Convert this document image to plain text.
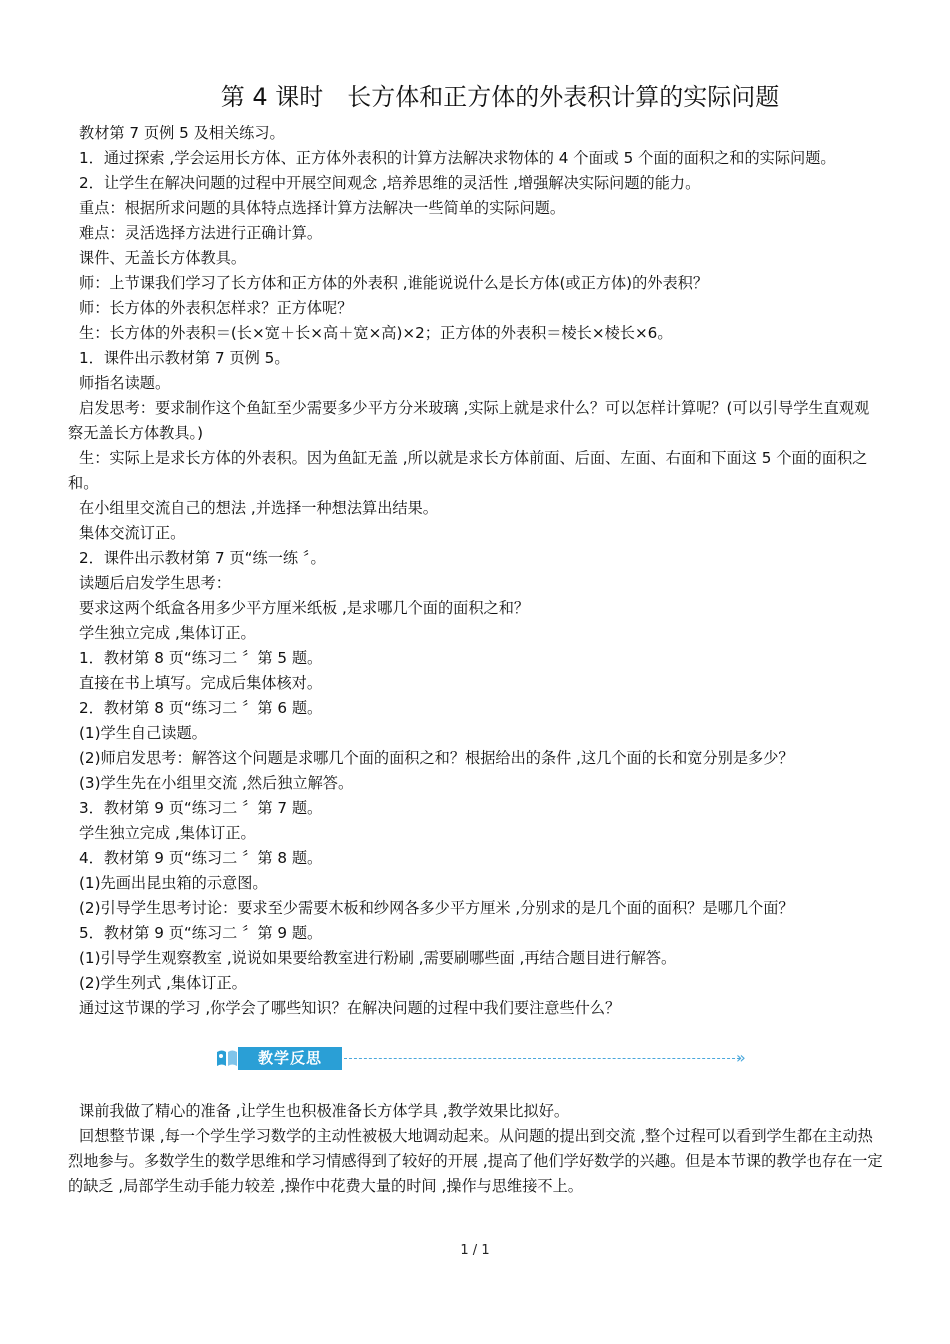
第 4 课时　长方体和正方体的外表积计算的实际问题

教材第 7 页例 5 及相关练习。

1．通过探索 ,学会运用长方体、正方体外表积的计算方法解决求物体的 4 个面或 5 个面的面积之和的实际问题。

2．让学生在解决问题的过程中开展空间观念 ,培养思维的灵活性 ,增强解决实际问题的能力。

重点：根据所求问题的具体特点选择计算方法解决一些简单的实际问题。

难点：灵活选择方法进行正确计算。

课件、无盖长方体教具。

师：上节课我们学习了长方体和正方体的外表积 ,谁能说说什么是长方体(或正方体)的外表积？

师：长方体的外表积怎样求？正方体呢？

生：长方体的外表积＝(长×宽＋长×高＋宽×高)×2；正方体的外表积＝棱长×棱长×6。

1．课件出示教材第 7 页例 5。

师指名读题。

启发思考：要求制作这个鱼缸至少需要多少平方分米玻璃 ,实际上就是求什么？可以怎样计算呢？(可以引导学生直观观察无盖长方体教具。)

生：实际上是求长方体的外表积。因为鱼缸无盖 ,所以就是求长方体前面、后面、左面、右面和下面这 5 个面的面积之和。

在小组里交流自己的想法 ,并选择一种想法算出结果。

集体交流订正。

2．课件出示教材第 7 页“练一练 〞。

读题后启发学生思考：

要求这两个纸盒各用多少平方厘米纸板 ,是求哪几个面的面积之和？

学生独立完成 ,集体订正。

1．教材第 8 页“练习二 〞第 5 题。

直接在书上填写。完成后集体核对。

2．教材第 8 页“练习二 〞第 6 题。

(1)学生自己读题。

(2)师启发思考：解答这个问题是求哪几个面的面积之和？根据给出的条件 ,这几个面的长和宽分别是多少？

(3)学生先在小组里交流 ,然后独立解答。

3．教材第 9 页“练习二 〞第 7 题。

学生独立完成 ,集体订正。

4．教材第 9 页“练习二 〞第 8 题。

(1)先画出昆虫箱的示意图。

(2)引导学生思考讨论：要求至少需要木板和纱网各多少平方厘米 ,分别求的是几个面的面积？是哪几个面？

5．教材第 9 页“练习二 〞第 9 题。

(1)引导学生观察教室 ,说说如果要给教室进行粉刷 ,需要刷哪些面 ,再结合题目进行解答。

(2)学生列式 ,集体订正。

通过这节课的学习 ,你学会了哪些知识？在解决问题的过程中我们要注意些什么？

教学反思	»

课前我做了精心的准备 ,让学生也积极准备长方体学具 ,教学效果比拟好。

回想整节课 ,每一个学生学习数学的主动性被极大地调动起来。从问题的提出到交流 ,整个过程可以看到学生都在主动热烈地参与。多数学生的数学思维和学习情感得到了较好的开展 ,提高了他们学好数学的兴趣。但是本节课的教学也存在一定的缺乏 ,局部学生动手能力较差 ,操作中花费大量的时间 ,操作与思维接不上。

1 / 1
